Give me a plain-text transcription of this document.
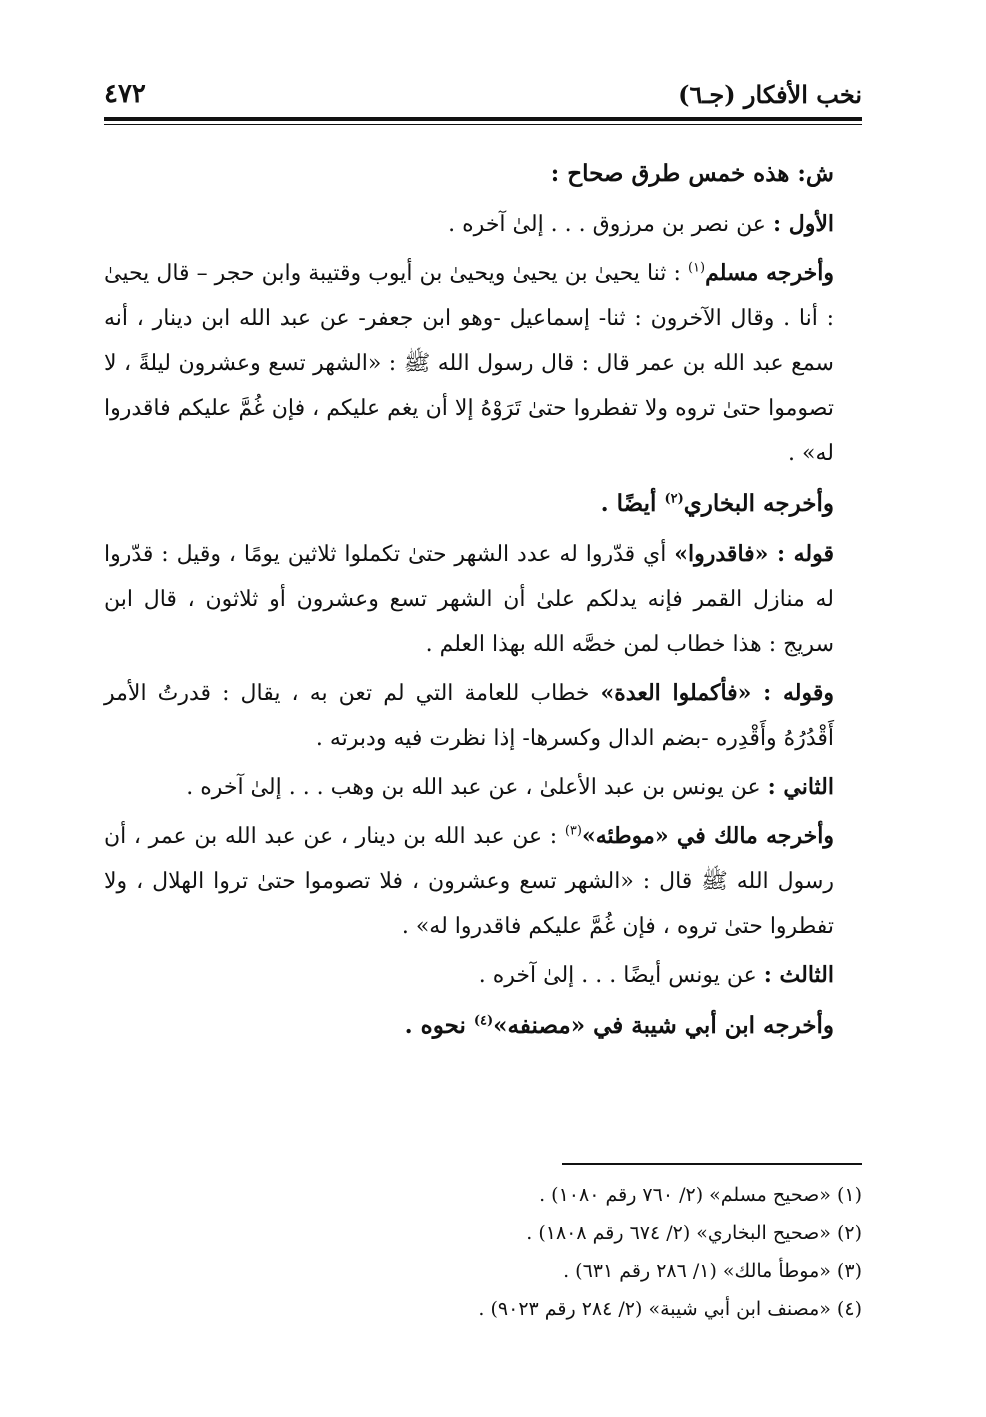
نخب الأفكار (جـ٦)
٤٧٢

ش: هذه خمس طرق صحاح :

الأول : عن نصر بن مرزوق . . . إلىٰ آخره .

وأخرجه مسلم$^{(١)}$ : ثنا يحيىٰ بن يحيىٰ ويحيىٰ بن أيوب وقتيبة وابن حجر – قال يحيىٰ : أنا . وقال الآخرون : ثنا- إسماعيل -وهو ابن جعفر- عن عبد الله ابن دينار ، أنه سمع عبد الله بن عمر قال : قال رسول الله ﷺ : «الشهر تسع وعشرون ليلةً ، لا تصوموا حتىٰ تروه ولا تفطروا حتىٰ تَرَوْهُ إلا أن يغم عليكم ، فإن غُمَّ عليكم فاقدروا له» .

وأخرجه البخاري$^{(٢)}$ أيضًا .

قوله : «فاقدروا» أي قدّروا له عدد الشهر حتىٰ تكملوا ثلاثين يومًا ، وقيل : قدّروا له منازل القمر فإنه يدلكم علىٰ أن الشهر تسع وعشرون أو ثلاثون ، قال ابن سريج : هذا خطاب لمن خصَّه الله بهذا العلم .

وقوله : «فأكملوا العدة» خطاب للعامة التي لم تعن به ، يقال : قدرتُ الأمر أَقْدُرُهُ وأَقْدِره -بضم الدال وكسرها- إذا نظرت فيه ودبرته .

الثاني : عن يونس بن عبد الأعلىٰ ، عن عبد الله بن وهب . . . إلىٰ آخره .

وأخرجه مالك في «موطئه»$^{(٣)}$ : عن عبد الله بن دينار ، عن عبد الله بن عمر ، أن رسول الله ﷺ قال : «الشهر تسع وعشرون ، فلا تصوموا حتىٰ تروا الهلال ، ولا تفطروا حتىٰ تروه ، فإن غُمَّ عليكم فاقدروا له» .

الثالث : عن يونس أيضًا . . . إلىٰ آخره .

وأخرجه ابن أبي شيبة في «مصنفه»$^{(٤)}$ نحوه .

(١) «صحيح مسلم» (٢/ ٧٦٠ رقم ١٠٨٠) .

(٢) «صحيح البخاري» (٢/ ٦٧٤ رقم ١٨٠٨) .

(٣) «موطأ مالك» (١/ ٢٨٦ رقم ٦٣١) .

(٤) «مصنف ابن أبي شيبة» (٢/ ٢٨٤ رقم ٩٠٢٣) .
